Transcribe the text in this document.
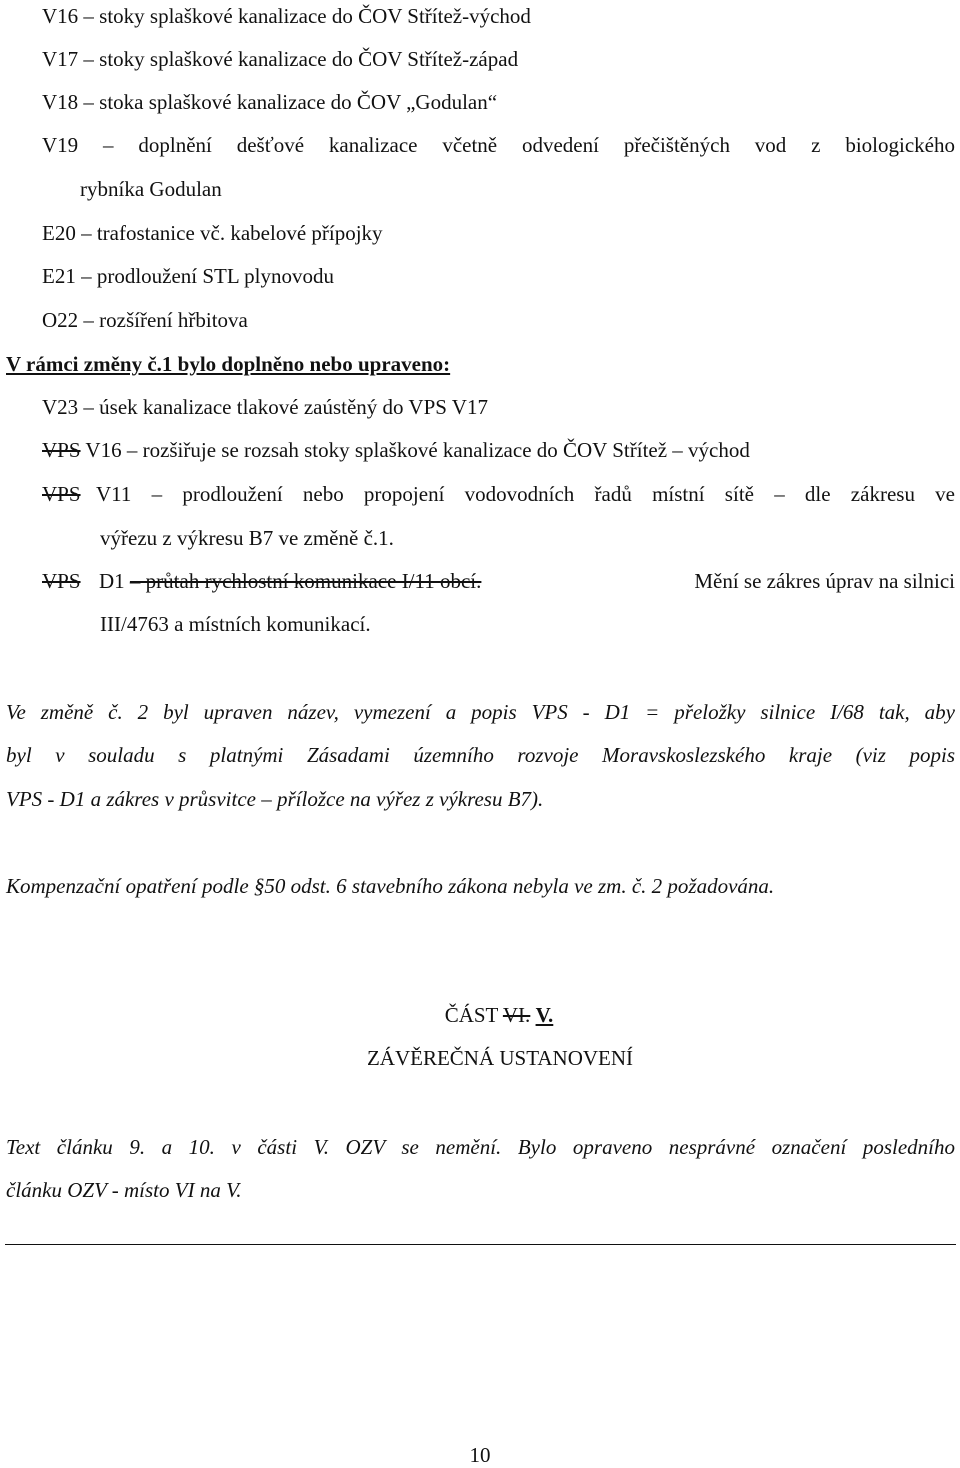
V16 – stoky splaškové kanalizace do ČOV Střítež-východ
V17 – stoky splaškové kanalizace do ČOV Střítež-západ
V18 – stoka splaškové kanalizace do ČOV „Godulan“
V19 – doplnění dešťové kanalizace včetně odvedení přečištěných vod z biologického
rybníka Godulan
E20 – trafostanice vč. kabelové přípojky
E21 – prodloužení STL plynovodu
O22 – rozšíření hřbitova
V rámci změny č.1 bylo doplněno nebo upraveno:
V23 – úsek kanalizace tlakové zaústěný do VPS V17
VPS V16 – rozšiřuje se rozsah stoky splaškové kanalizace do ČOV Střítež – východ
VPS V11 – prodloužení nebo propojení vodovodních řadů místní sítě – dle zákresu ve
výřezu z výkresu B7 ve změně č.1.
VPS D1 – průtah rychlostní komunikace I/11 obcí.	Mění se zákres úprav na silnici
III/4763 a místních komunikací.
Ve změně č. 2 byl upraven název, vymezení a popis VPS - D1 = přeložky silnice I/68 tak, aby
byl v souladu s platnými Zásadami územního rozvoje Moravskoslezského kraje (viz popis
VPS - D1 a zákres v průsvitce – příložce na výřez z výkresu B7).
Kompenzační opatření podle §50 odst. 6 stavebního zákona nebyla ve zm. č. 2 požadována.
ČÁST VI. V.
ZÁVĚREČNÁ USTANOVENÍ
Text článku 9. a 10. v části V. OZV se nemění. Bylo opraveno nesprávné označení posledního
článku OZV - místo VI na V.
10
